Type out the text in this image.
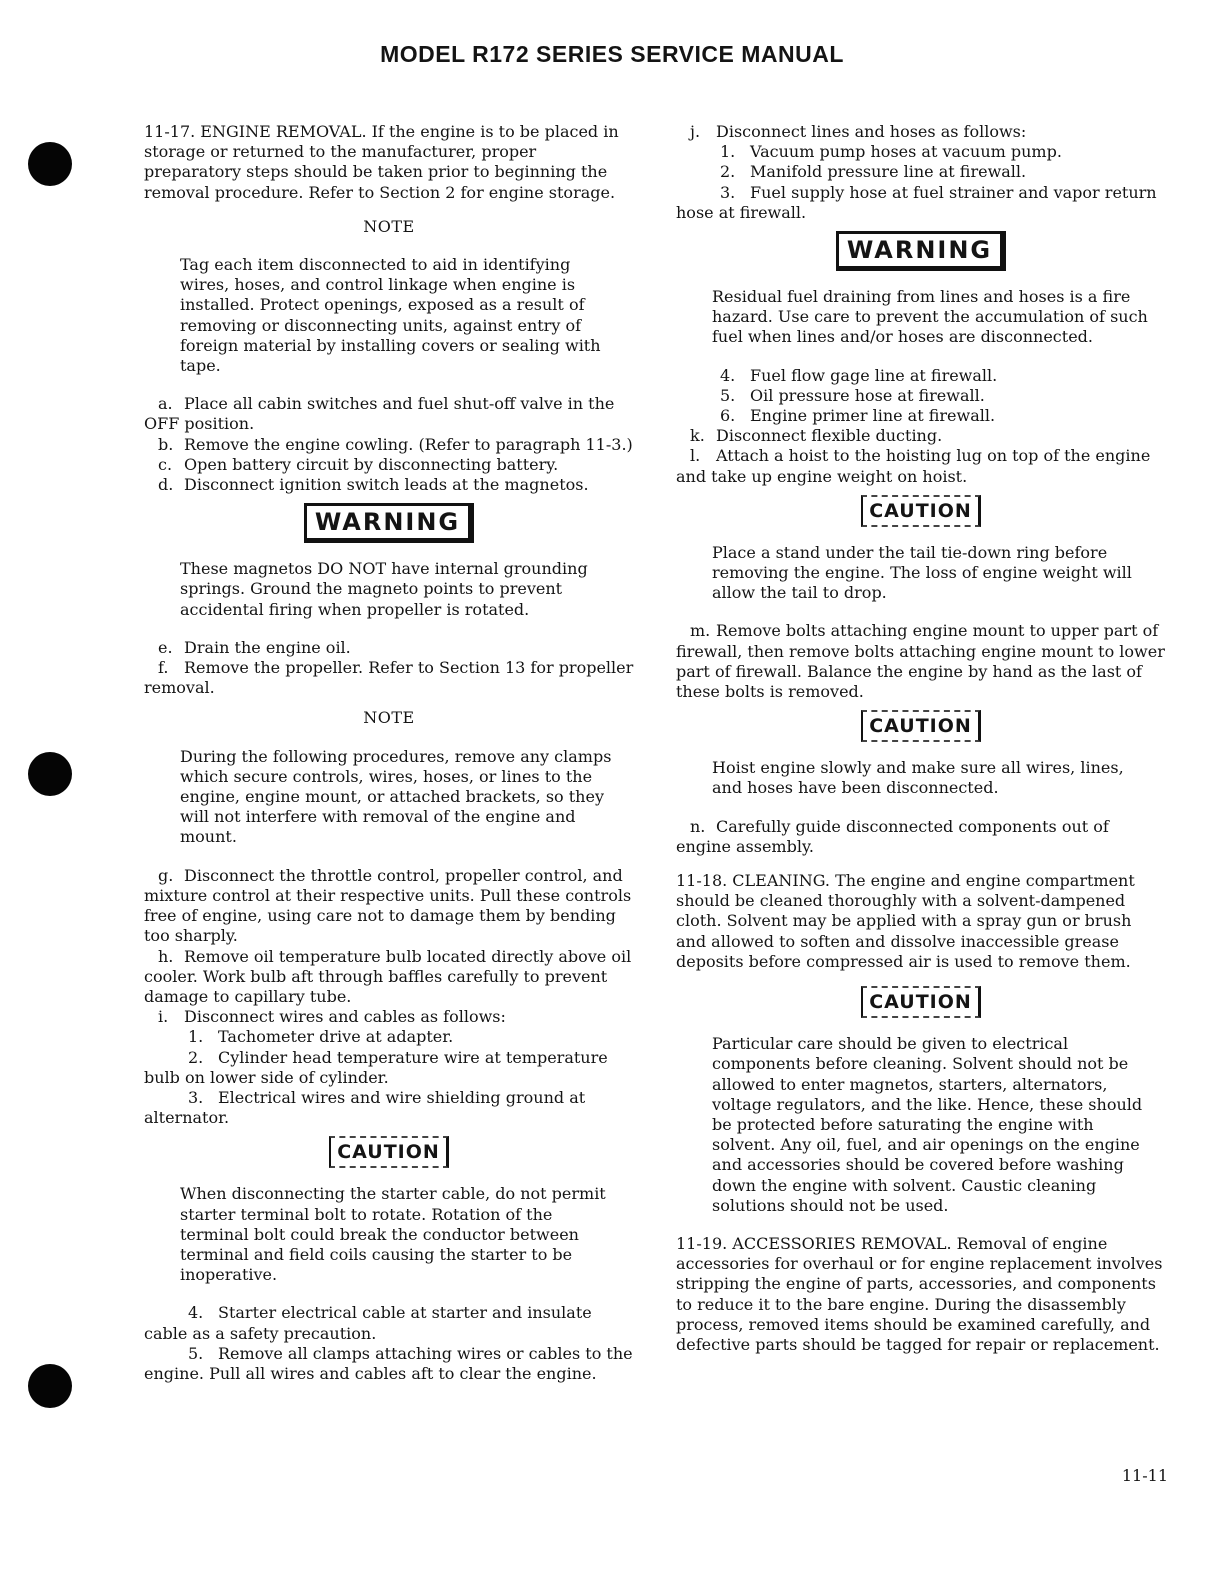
MODEL R172 SERIES SERVICE MANUAL

11-17. ENGINE REMOVAL. If the engine is to be placed in storage or returned to the manufacturer, proper preparatory steps should be taken prior to beginning the removal procedure. Refer to Section 2 for engine storage.

NOTE

Tag each item disconnected to aid in identifying wires, hoses, and control linkage when engine is installed. Protect openings, exposed as a result of removing or disconnecting units, against entry of foreign material by installing covers or sealing with tape.

a. Place all cabin switches and fuel shut-off valve in the OFF position.

b. Remove the engine cowling. (Refer to paragraph 11-3.)

c. Open battery circuit by disconnecting battery.

d. Disconnect ignition switch leads at the magnetos.

WARNING

These magnetos DO NOT have internal grounding springs. Ground the magneto points to prevent accidental firing when propeller is rotated.

e. Drain the engine oil.

f. Remove the propeller. Refer to Section 13 for propeller removal.

NOTE

During the following procedures, remove any clamps which secure controls, wires, hoses, or lines to the engine, engine mount, or attached brackets, so they will not interfere with removal of the engine and mount.

g. Disconnect the throttle control, propeller control, and mixture control at their respective units. Pull these controls free of engine, using care not to damage them by bending too sharply.

h. Remove oil temperature bulb located directly above oil cooler. Work bulb aft through baffles carefully to prevent damage to capillary tube.

i. Disconnect wires and cables as follows:

1. Tachometer drive at adapter.

2. Cylinder head temperature wire at temperature bulb on lower side of cylinder.

3. Electrical wires and wire shielding ground at alternator.

CAUTION

When disconnecting the starter cable, do not permit starter terminal bolt to rotate. Rotation of the terminal bolt could break the conductor between terminal and field coils causing the starter to be inoperative.

4. Starter electrical cable at starter and insulate cable as a safety precaution.

5. Remove all clamps attaching wires or cables to the engine. Pull all wires and cables aft to clear the engine.

j. Disconnect lines and hoses as follows:

1. Vacuum pump hoses at vacuum pump.

2. Manifold pressure line at firewall.

3. Fuel supply hose at fuel strainer and vapor return hose at firewall.

WARNING

Residual fuel draining from lines and hoses is a fire hazard. Use care to prevent the accumulation of such fuel when lines and/or hoses are disconnected.

4. Fuel flow gage line at firewall.

5. Oil pressure hose at firewall.

6. Engine primer line at firewall.

k. Disconnect flexible ducting.

l. Attach a hoist to the hoisting lug on top of the engine and take up engine weight on hoist.

CAUTION

Place a stand under the tail tie-down ring before removing the engine. The loss of engine weight will allow the tail to drop.

m. Remove bolts attaching engine mount to upper part of firewall, then remove bolts attaching engine mount to lower part of firewall. Balance the engine by hand as the last of these bolts is removed.

CAUTION

Hoist engine slowly and make sure all wires, lines, and hoses have been disconnected.

n. Carefully guide disconnected components out of engine assembly.

11-18. CLEANING. The engine and engine compartment should be cleaned thoroughly with a solvent-dampened cloth. Solvent may be applied with a spray gun or brush and allowed to soften and dissolve inaccessible grease deposits before compressed air is used to remove them.

CAUTION

Particular care should be given to electrical components before cleaning. Solvent should not be allowed to enter magnetos, starters, alternators, voltage regulators, and the like. Hence, these should be protected before saturating the engine with solvent. Any oil, fuel, and air openings on the engine and accessories should be covered before washing down the engine with solvent. Caustic cleaning solutions should not be used.

11-19. ACCESSORIES REMOVAL. Removal of engine accessories for overhaul or for engine replacement involves stripping the engine of parts, accessories, and components to reduce it to the bare engine. During the disassembly process, removed items should be examined carefully, and defective parts should be tagged for repair or replacement.

11-11
